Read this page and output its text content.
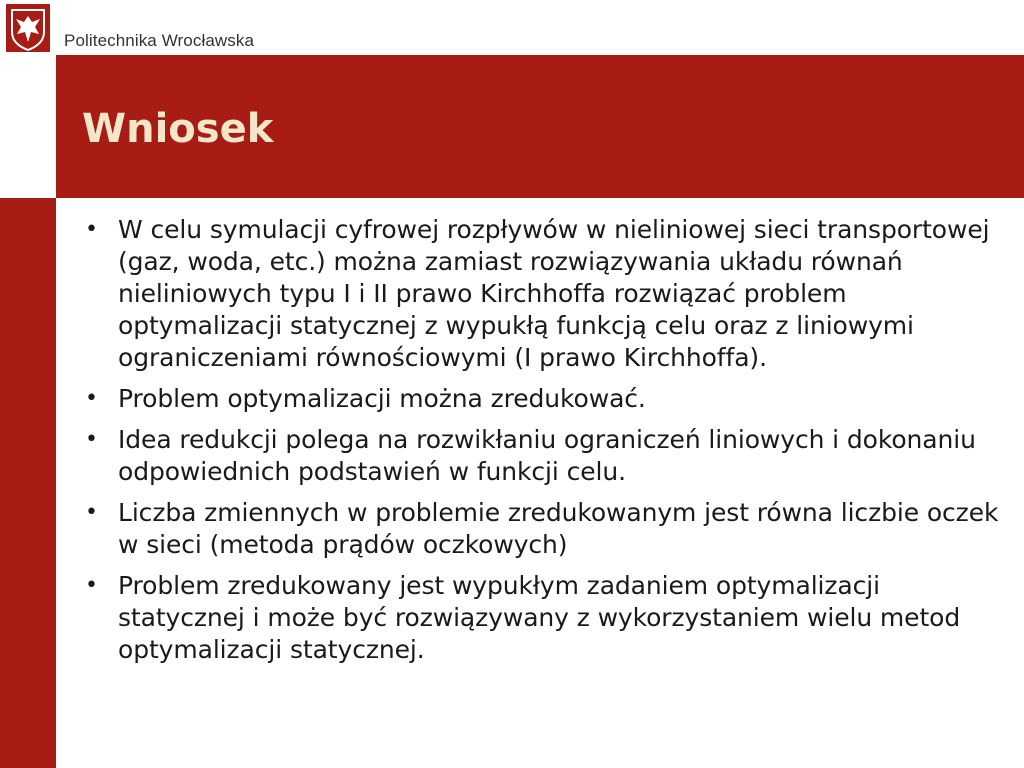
Politechnika Wrocławska
Wniosek
• W celu symulacji cyfrowej rozpływów w nieliniowej sieci transportowej (gaz, woda, etc.) można zamiast rozwiązywania układu równań nieliniowych typu I i II prawo Kirchhoffa rozwiązać problem optymalizacji statycznej z wypukłą funkcją celu oraz z liniowymi ograniczeniami równościowymi (I prawo Kirchhoffa).
• Problem optymalizacji można zredukować.
• Idea redukcji polega na rozwikłaniu ograniczeń liniowych i dokonaniu odpowiednich podstawień w funkcji celu.
• Liczba zmiennych w problemie zredukowanym jest równa liczbie oczek w sieci (metoda prądów oczkowych)
• Problem zredukowany jest wypukłym zadaniem optymalizacji statycznej i może być rozwiązywany z wykorzystaniem wielu metod optymalizacji statycznej.
